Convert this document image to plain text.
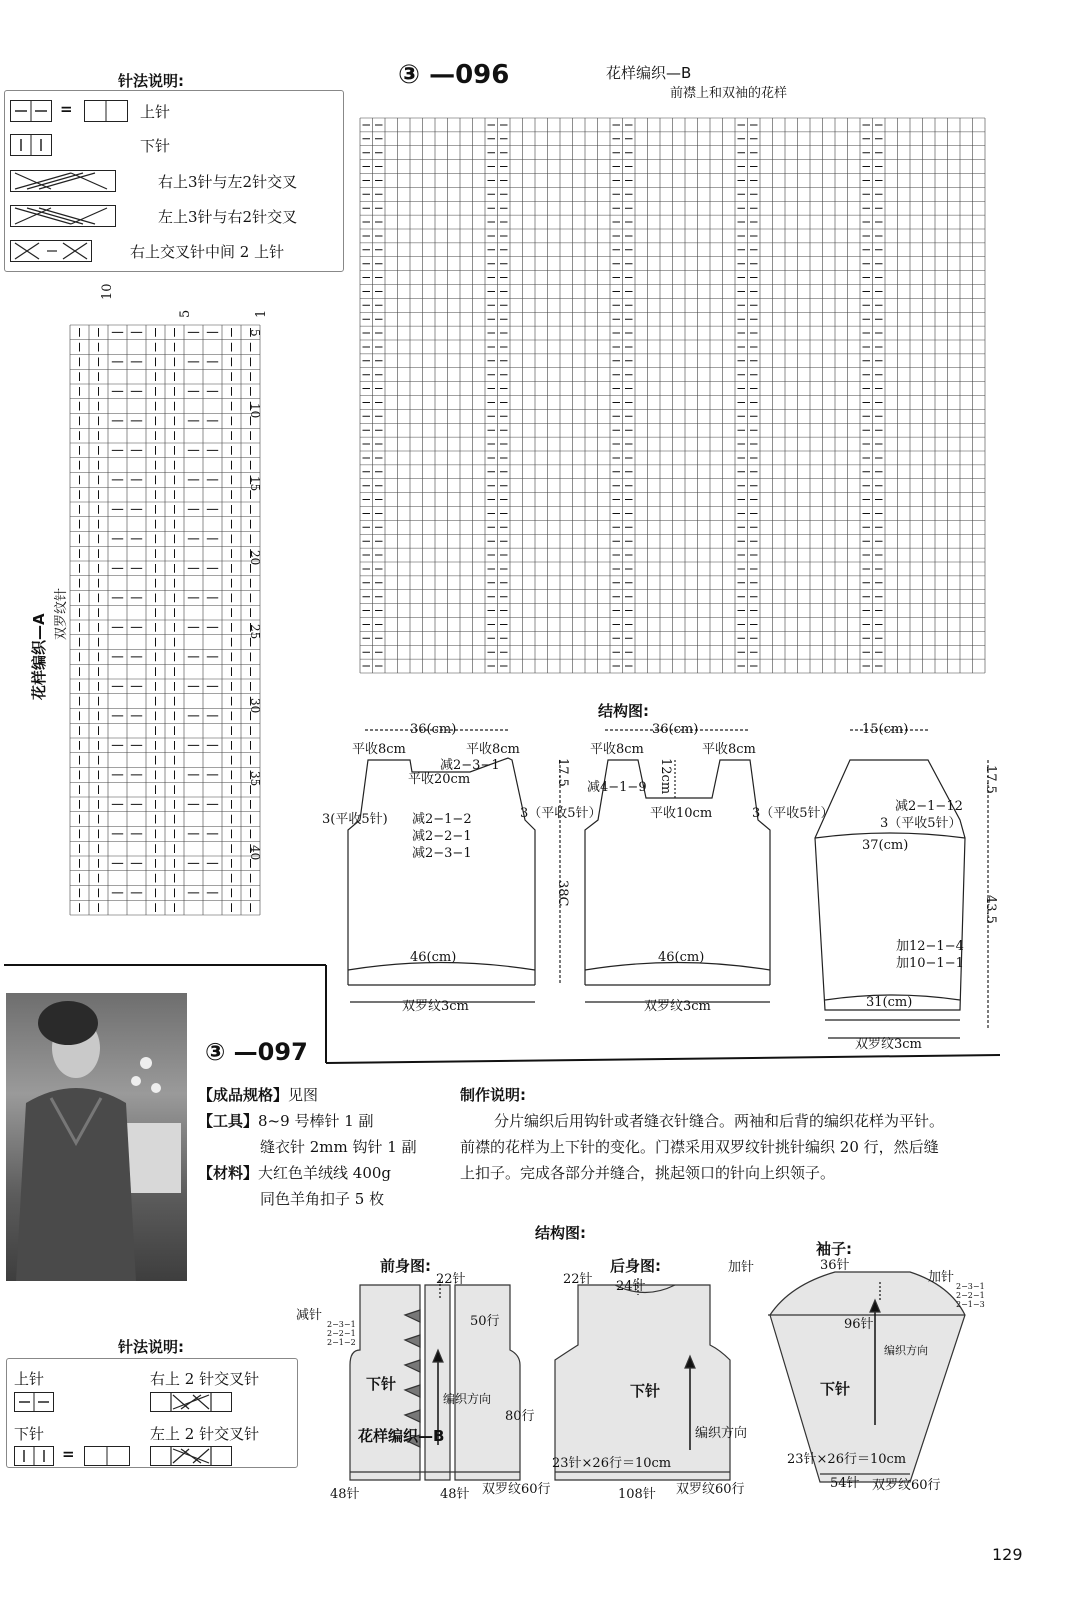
针法说明:
=	上针
下针
右上3针与左2针交叉
左上3针与右2针交叉
右上交叉针中间 2 上针
10
5	1
5
10
15
20
25
30
35
40
花样编织—A 双罗纹针
③ —096	花样编织—B
前襟上和双袖的花样
结构图:
36(cm)
平收8cm	平收8cm
减2−3−1
平收20cm
3(平收5针) 减2−1−2
减2−2−1
减2−3−1
46(cm)
双罗纹3cm
36(cm)
平收8cm	平收8cm
12cm
减4−1−9
平收10cm
3（平收5针）	3（平收5针）
17.5
38C
46(cm)
双罗纹3cm
15(cm)
减2−1−12
3（平收5针）
37(cm)
加12−1−4
加10−1−1
31(cm)
双罗纹3cm
17.5
43.5
③ —097
【成品规格】见图
【工具】8~9 号棒针 1 副
缝衣针 2mm 钩针 1 副
【材料】大红色羊绒线 400g
同色羊角扣子 5 枚
制作说明:
分片编织后用钩针或者缝衣针缝合。两袖和后背的编织花样为平针。
前襟的花样为上下针的变化。门襟采用双罗纹针挑针编织 20 行，然后缝
上扣子。完成各部分并缝合，挑起领口的针向上织领子。
结构图:
前身图:
22针
减针
2−3−1
2−2−1
2−1−2
50行
下针
编织方向
80行
花样编织—B
48针	48针 双罗纹60行
后身图:
22针 24针
下针
编织方向
23针×26行＝10cm
108针 双罗纹60行
袖子:
36针
加针
加针
2−3−1
2−2−1
2−1−3
96针
编织方向
下针
23针×26行＝10cm
54针 双罗纹60行
针法说明:
上针	右上 2 针交叉针
下针
=
左上 2 针交叉针
129
